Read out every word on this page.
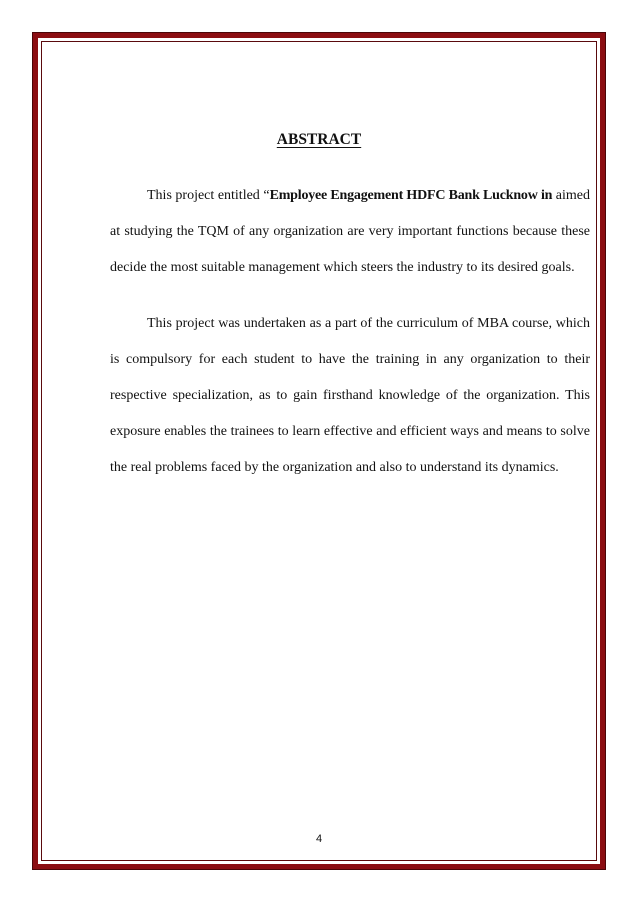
ABSTRACT

This project entitled “Employee Engagement HDFC Bank Lucknow in aimed at studying the TQM of any organization are very important functions because these decide the most suitable management which steers the industry to its desired goals.

This project was undertaken as a part of the curriculum of MBA course, which is compulsory for each student to have the training in any organization to their respective specialization, as to gain firsthand knowledge of the organization. This exposure enables the trainees to learn effective and efficient ways and means to solve the real problems faced by the organization and also to understand its dynamics.

4
